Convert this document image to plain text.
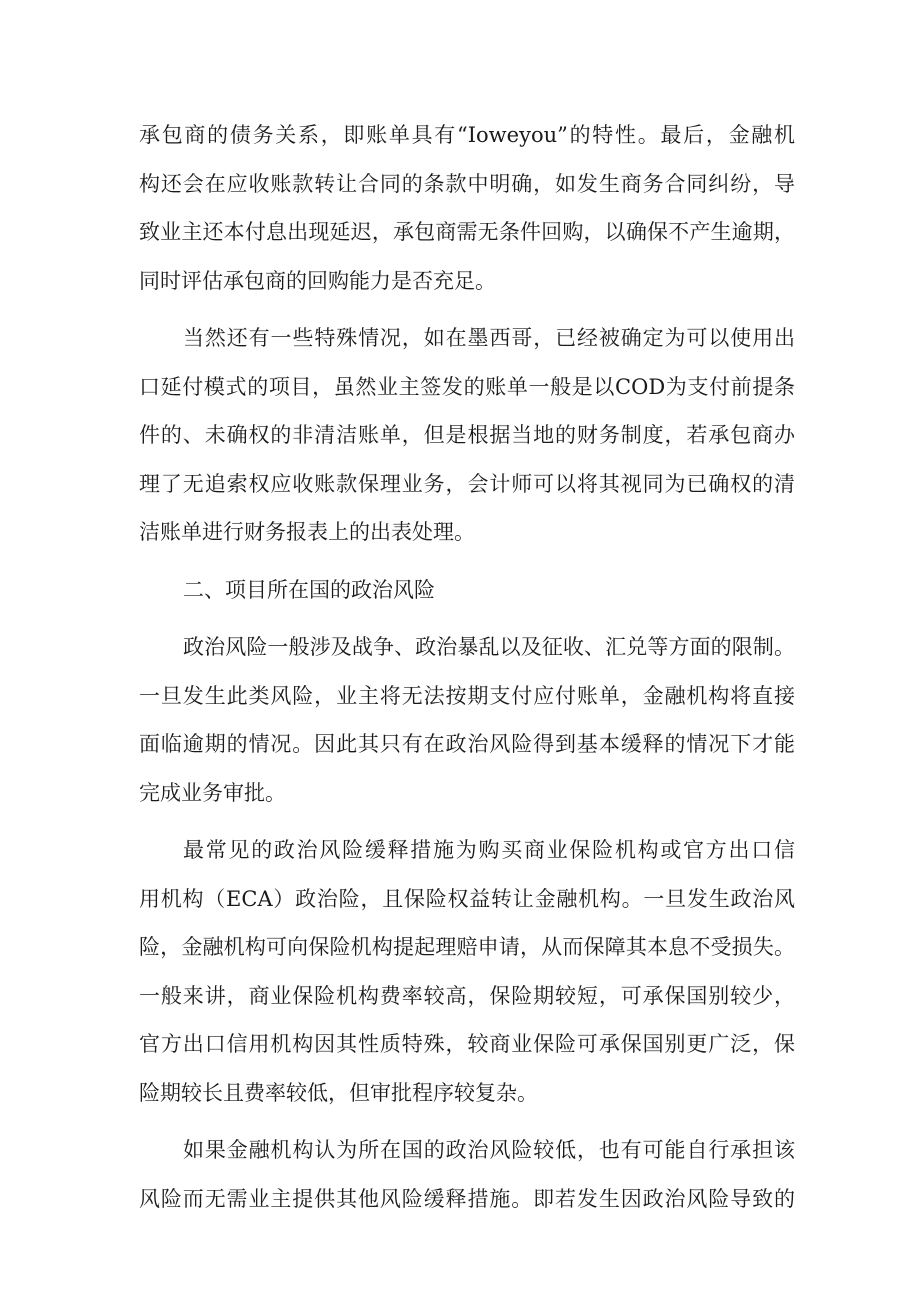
承包商的债务关系，即账单具有“Ioweyou”的特性。最后，金融机
构还会在应收账款转让合同的条款中明确，如发生商务合同纠纷，导
致业主还本付息出现延迟，承包商需无条件回购，以确保不产生逾期，
同时评估承包商的回购能力是否充足。
当然还有一些特殊情况，如在墨西哥，已经被确定为可以使用出
口延付模式的项目，虽然业主签发的账单一般是以COD为支付前提条
件的、未确权的非清洁账单，但是根据当地的财务制度，若承包商办
理了无追索权应收账款保理业务，会计师可以将其视同为已确权的清
洁账单进行财务报表上的出表处理。
二、项目所在国的政治风险
政治风险一般涉及战争、政治暴乱以及征收、汇兑等方面的限制。
一旦发生此类风险，业主将无法按期支付应付账单，金融机构将直接
面临逾期的情况。因此其只有在政治风险得到基本缓释的情况下才能
完成业务审批。
最常见的政治风险缓释措施为购买商业保险机构或官方出口信
用机构（ECA）政治险，且保险权益转让金融机构。一旦发生政治风
险，金融机构可向保险机构提起理赔申请，从而保障其本息不受损失。
一般来讲，商业保险机构费率较高，保险期较短，可承保国别较少，
官方出口信用机构因其性质特殊，较商业保险可承保国别更广泛，保
险期较长且费率较低，但审批程序较复杂。
如果金融机构认为所在国的政治风险较低，也有可能自行承担该
风险而无需业主提供其他风险缓释措施。即若发生因政治风险导致的
